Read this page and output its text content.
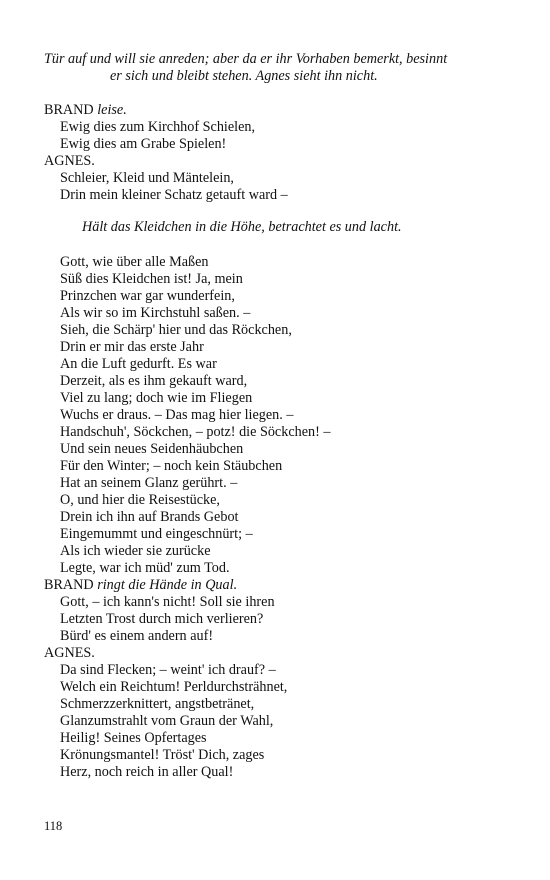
Tür auf und will sie anreden; aber da er ihr Vorhaben bemerkt, besinnt
er sich und bleibt stehen. Agnes sieht ihn nicht.
BRAND leise.
Ewig dies zum Kirchhof Schielen,
Ewig dies am Grabe Spielen!
AGNES.
Schleier, Kleid und Mäntelein,
Drin mein kleiner Schatz getauft ward –
Hält das Kleidchen in die Höhe, betrachtet es und lacht.
Gott, wie über alle Maßen
Süß dies Kleidchen ist! Ja, mein
Prinzchen war gar wunderfein,
Als wir so im Kirchstuhl saßen. –
Sieh, die Schärp' hier und das Röckchen,
Drin er mir das erste Jahr
An die Luft gedurft. Es war
Derzeit, als es ihm gekauft ward,
Viel zu lang; doch wie im Fliegen
Wuchs er draus. – Das mag hier liegen. –
Handschuh', Söckchen, – potz! die Söckchen! –
Und sein neues Seidenhäubchen
Für den Winter; – noch kein Stäubchen
Hat an seinem Glanz gerührt. –
O, und hier die Reisestücke,
Drein ich ihn auf Brands Gebot
Eingemummt und eingeschnürt; –
Als ich wieder sie zurücke
Legte, war ich müd' zum Tod.
BRAND ringt die Hände in Qual.
Gott, – ich kann's nicht! Soll sie ihren
Letzten Trost durch mich verlieren?
Bürd' es einem andern auf!
AGNES.
Da sind Flecken; – weint' ich drauf? –
Welch ein Reichtum! Perldurchsträhnet,
Schmerzzerknittert, angstbetränet,
Glanzumstrahlt vom Graun der Wahl,
Heilig! Seines Opfertages
Krönungsmantel! Tröst' Dich, zages
Herz, noch reich in aller Qual!
118
